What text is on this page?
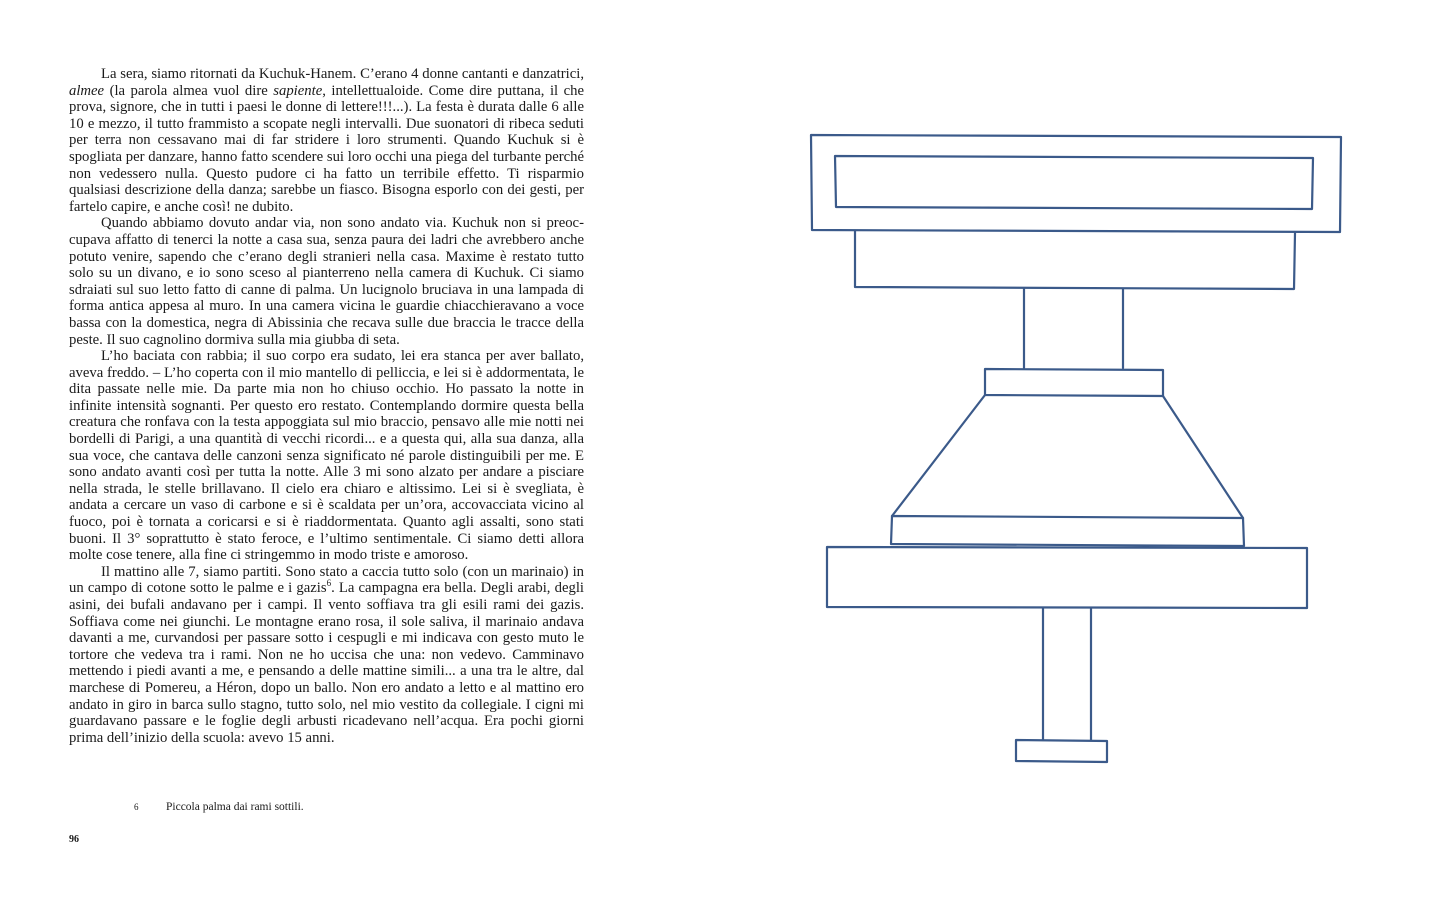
La sera, siamo ritornati da Kuchuk-Hanem. C’erano 4 donne cantanti e danzatrici, almee (la parola almea vuol dire sapiente, intellettualoide. Come dire puttana, il che prova, signore, che in tutti i paesi le donne di lettere!!!...). La festa è durata dalle 6 alle 10 e mezzo, il tutto frammisto a scopate negli intervalli. Due suonatori di ribeca seduti per terra non cessavano mai di far stridere i loro strumenti. Quando Kuchuk si è spogliata per danzare, hanno fatto scendere sui loro occhi una piega del turbante perché non vedessero nulla. Questo pudore ci ha fatto un terribile effetto. Ti risparmio qualsiasi descrizione della danza; sarebbe un fiasco. Bisogna esporlo con dei gesti, per fartelo capire, e anche così! ne dubito.

Quando abbiamo dovuto andar via, non sono andato via. Kuchuk non si preoccupava affatto di tenerci la notte a casa sua, senza paura dei ladri che avrebbero anche potuto venire, sapendo che c’erano degli stranieri nella casa. Maxime è restato tutto solo su un divano, e io sono sceso al pianterreno nella camera di Kuchuk. Ci siamo sdraiati sul suo letto fatto di canne di palma. Un lucignolo bruciava in una lampada di forma antica appesa al muro. In una camera vicina le guardie chiacchieravano a voce bassa con la domestica, negra di Abissinia che recava sulle due braccia le tracce della peste. Il suo cagnolino dormiva sulla mia giubba di seta.

L’ho baciata con rabbia; il suo corpo era sudato, lei era stanca per aver ballato, aveva freddo. – L’ho coperta con il mio mantello di pelliccia, e lei si è addormentata, le dita passate nelle mie. Da parte mia non ho chiuso occhio. Ho passato la notte in infinite intensità sognanti. Per questo ero restato. Contemplando dormire questa bella creatura che ronfava con la testa appoggiata sul mio braccio, pensavo alle mie notti nei bordelli di Parigi, a una quantità di vecchi ricordi... e a questa qui, alla sua danza, alla sua voce, che cantava delle canzoni senza significato né parole distinguibili per me. E sono andato avanti così per tutta la notte. Alle 3 mi sono alzato per andare a pisciare nella strada, le stelle brillavano. Il cielo era chiaro e altissimo. Lei si è svegliata, è andata a cercare un vaso di carbone e si è scaldata per un’ora, accovacciata vicino al fuoco, poi è tornata a coricarsi e si è riaddormentata. Quanto agli assalti, sono stati buoni. Il 3° soprattutto è stato feroce, e l’ultimo sentimentale. Ci siamo detti allora molte cose tenere, alla fine ci stringemmo in modo triste e amoroso.

Il mattino alle 7, siamo partiti. Sono stato a caccia tutto solo (con un marinaio) in un campo di cotone sotto le palme e i gazis$^6$. La campagna era bella. Degli arabi, degli asini, dei bufali andavano per i campi. Il vento soffiava tra gli esili rami dei gazis. Soffiava come nei giunchi. Le montagne erano rosa, il sole saliva, il marinaio andava davanti a me, curvandosi per passare sotto i cespugli e mi indicava con gesto muto le tortore che vedeva tra i rami. Non ne ho uccisa che una: non vedevo. Camminavo mettendo i piedi avanti a me, e pensando a delle mattine simili... a una tra le altre, dal marchese di Pomereu, a Héron, dopo un ballo. Non ero andato a letto e al mattino ero andato in giro in barca sullo stagno, tutto solo, nel mio vestito da collegiale. I cigni mi guardavano passare e le foglie degli arbusti ricadevano nell’acqua. Era pochi giorni prima dell’inizio della scuola: avevo 15 anni.

6 Piccola palma dai rami sottili.
96
